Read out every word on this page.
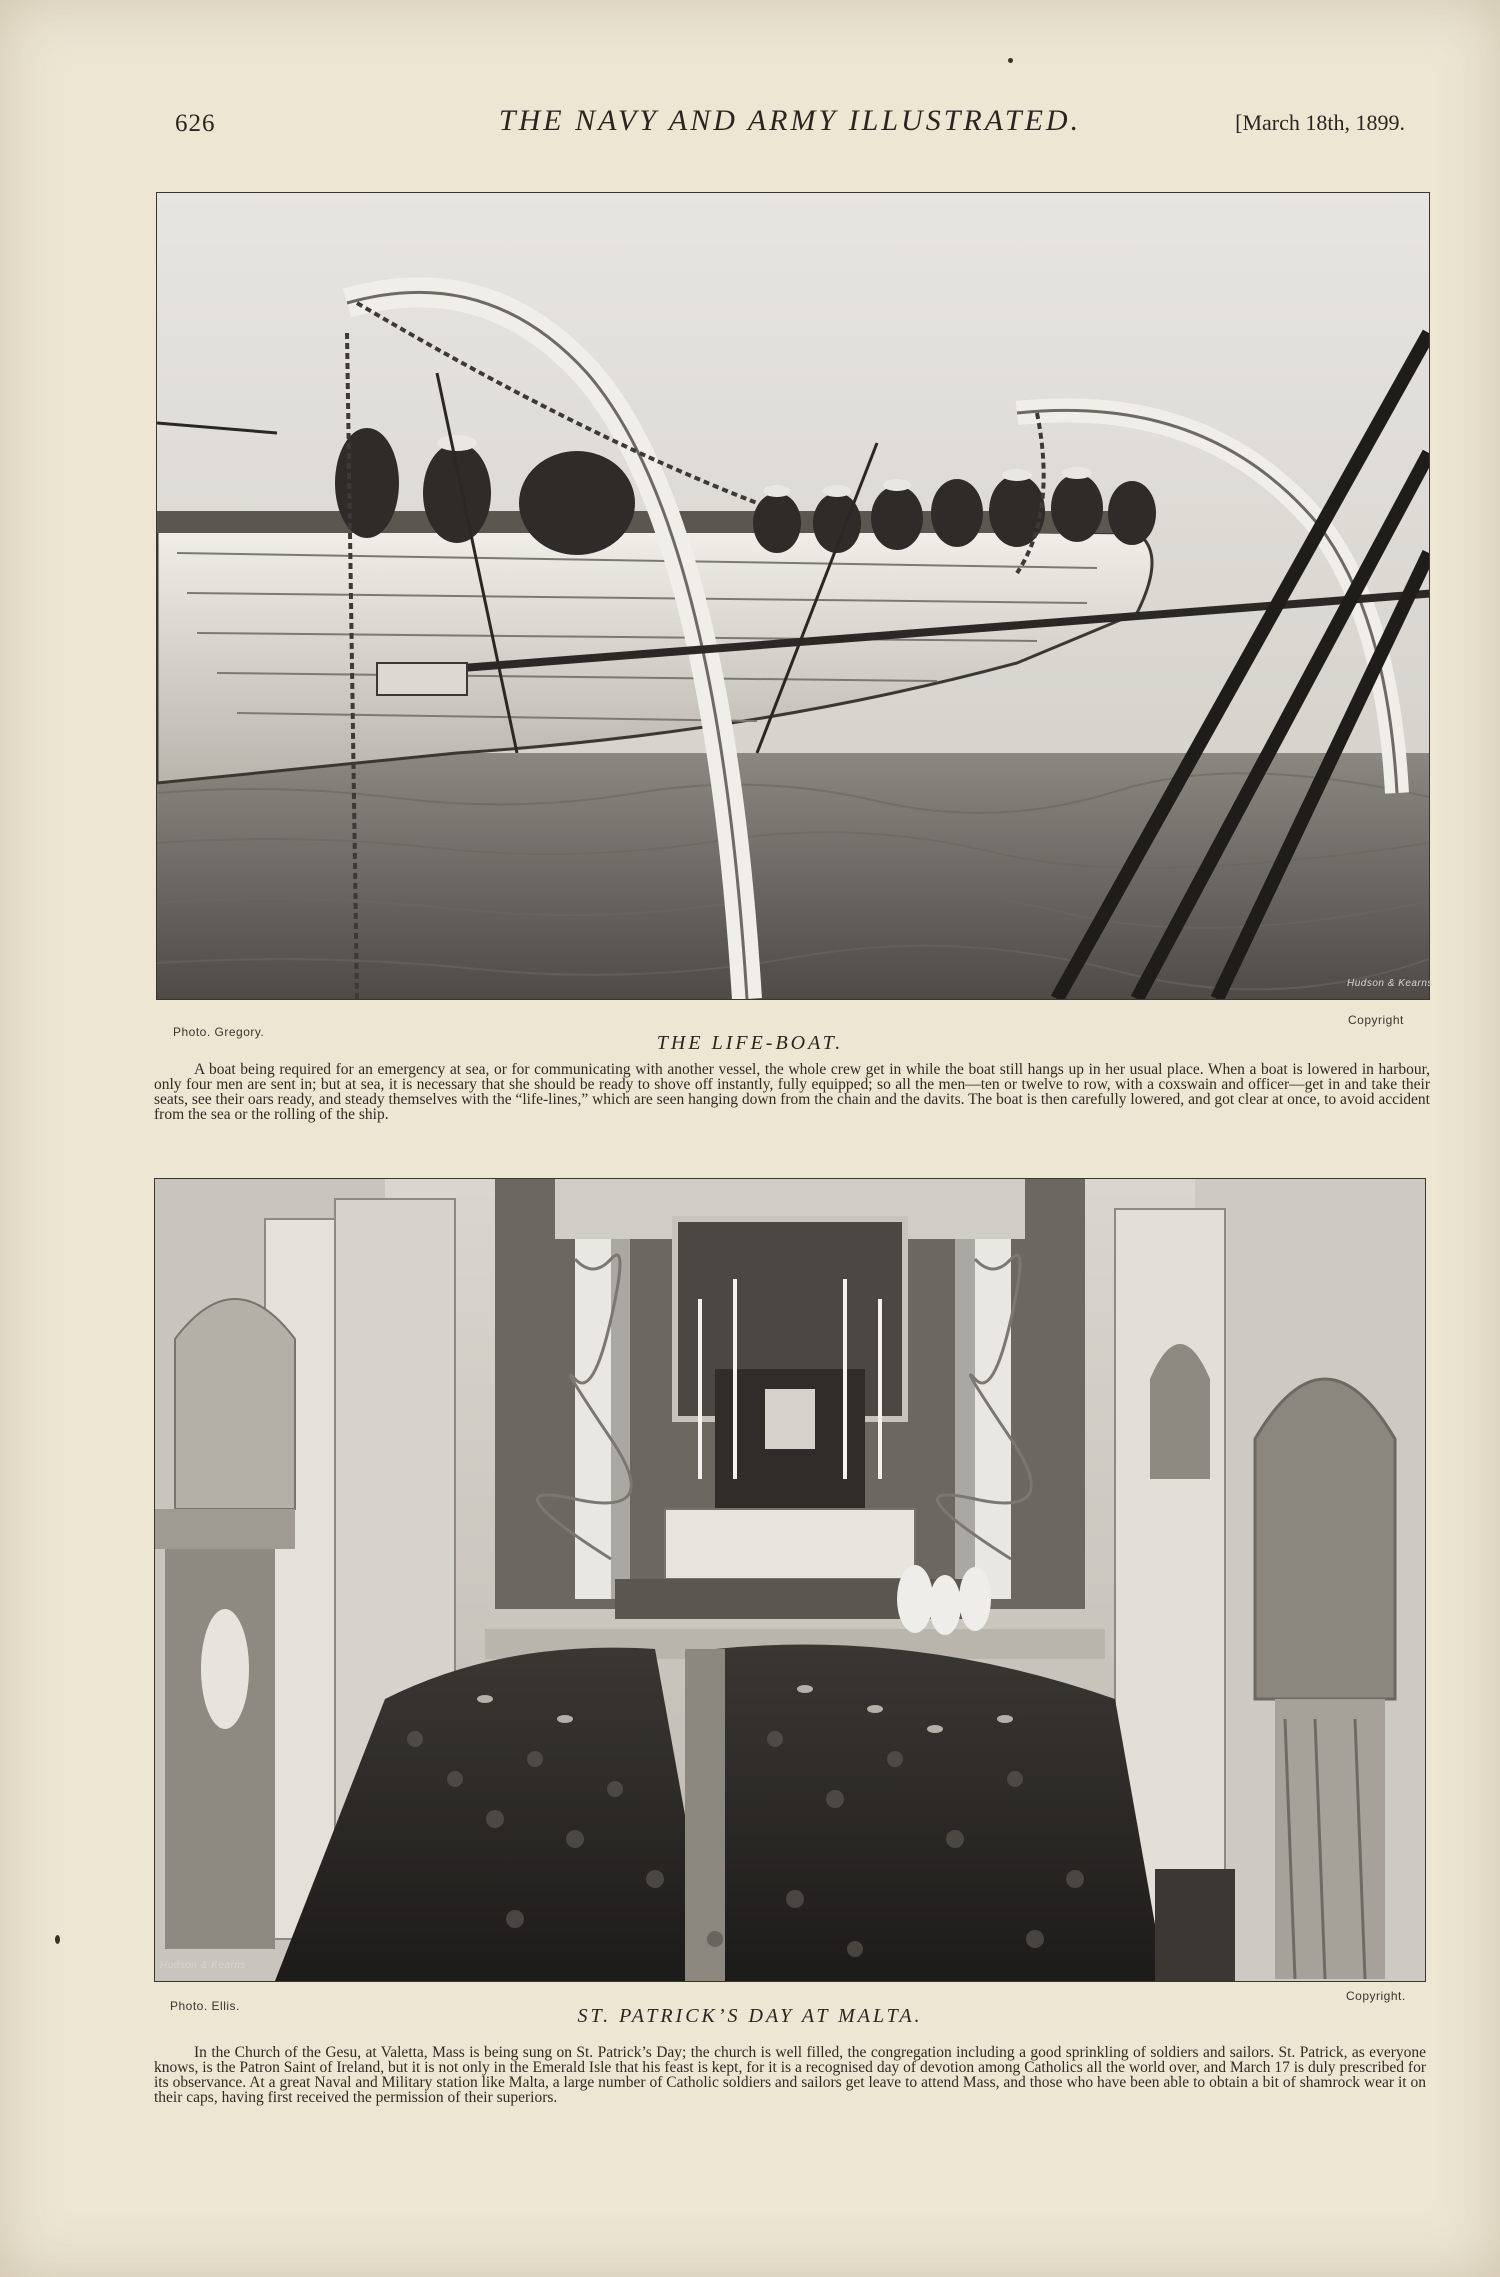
626	THE NAVY AND ARMY ILLUSTRATED.	[March 18th, 1899.
Photo. Gregory.
Copyright
Hudson & Kearns
THE LIFE-BOAT.
A boat being required for an emergency at sea, or for communicating with another vessel, the whole crew get in while the boat still hangs up in her usual place. When a boat is lowered in harbour, only four men are sent in; but at sea, it is necessary that she should be ready to shove off instantly, fully equipped; so all the men—ten or twelve to row, with a coxswain and officer—get in and take their seats, see their oars ready, and steady themselves with the “life-lines,” which are seen hanging down from the chain and the davits. The boat is then carefully lowered, and got clear at once, to avoid accident from the sea or the rolling of the ship.
Photo. Ellis.
Copyright.
Hudson & Kearns
ST. PATRICK’S DAY AT MALTA.
In the Church of the Gesu, at Valetta, Mass is being sung on St. Patrick’s Day; the church is well filled, the congregation including a good sprinkling of soldiers and sailors. St. Patrick, as everyone knows, is the Patron Saint of Ireland, but it is not only in the Emerald Isle that his feast is kept, for it is a recognised day of devotion among Catholics all the world over, and March 17 is duly prescribed for its observance. At a great Naval and Military station like Malta, a large number of Catholic soldiers and sailors get leave to attend Mass, and those who have been able to obtain a bit of shamrock wear it on their caps, having first received the permission of their superiors.
